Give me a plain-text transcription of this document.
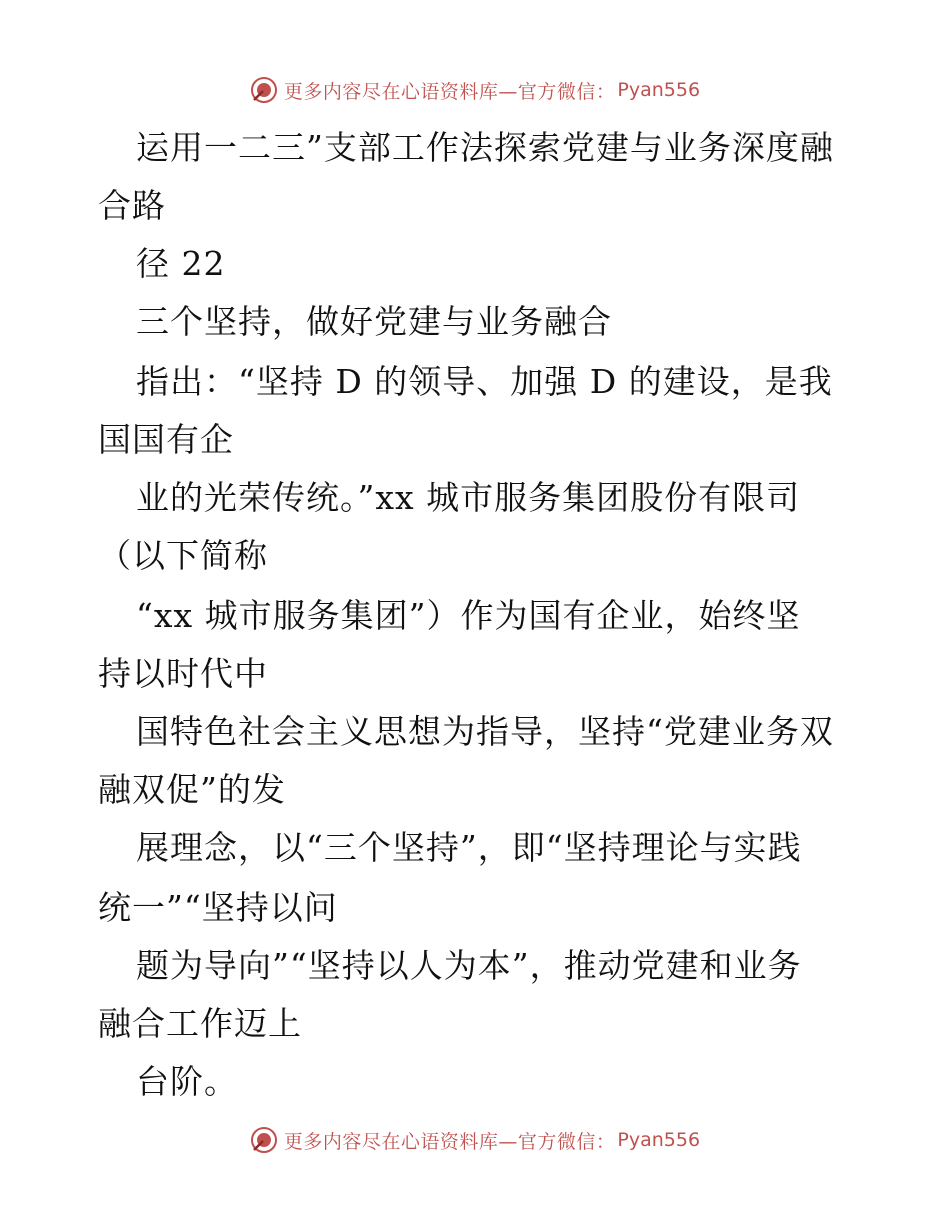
更多内容尽在心语资料库—官方微信： Pyan556
运用一二三”支部工作法探索党建与业务深度融
合路
径 22
三个坚持，做好党建与业务融合
指出：“坚持 D 的领导、加强 D 的建设，是我
国国有企
业的光荣传统。”xx 城市服务集团股份有限司
（以下简称
“xx 城市服务集团”）作为国有企业，始终坚
持以时代中
国特色社会主义思想为指导，坚持“党建业务双
融双促”的发
展理念，以“三个坚持”，即“坚持理论与实践
统一”“坚持以问
题为导向”“坚持以人为本”，推动党建和业务
融合工作迈上
台阶。
更多内容尽在心语资料库—官方微信： Pyan556
